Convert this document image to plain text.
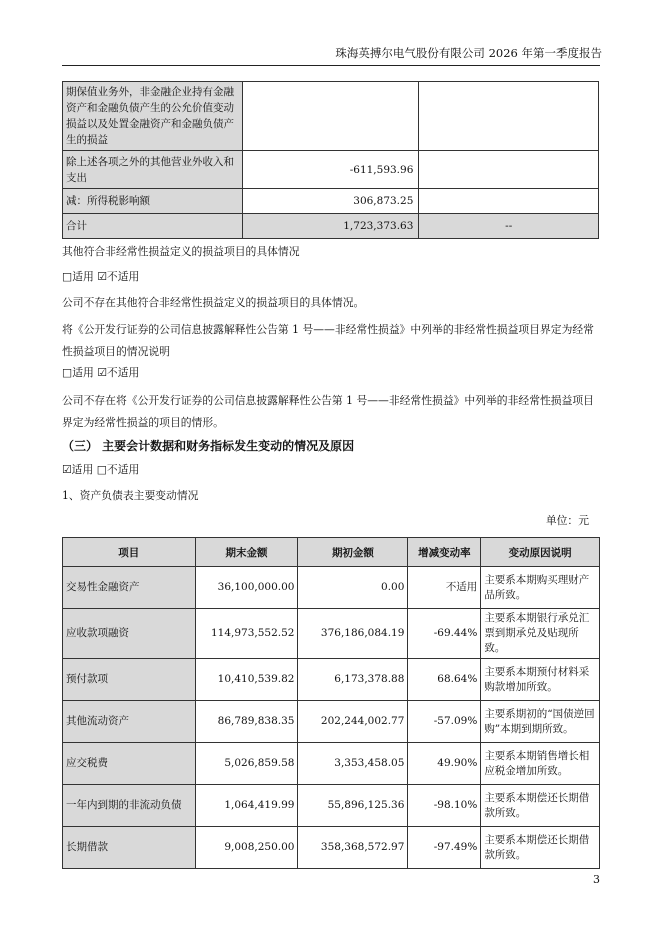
珠海英搏尔电气股份有限公司 2026 年第一季度报告
期保值业务外，非金融企业持有金融资产和金融负债产生的公允价值变动损益以及处置金融资产和金融负债产生的损益		
除上述各项之外的其他营业外收入和支出	-611,593.96	
减：所得税影响额	306,873.25	
合计	1,723,373.63	--
其他符合非经常性损益定义的损益项目的具体情况
□适用 ☑不适用
公司不存在其他符合非经常性损益定义的损益项目的具体情况。
将《公开发行证券的公司信息披露解释性公告第 1 号——非经常性损益》中列举的非经常性损益项目界定为经常性损益项目的情况说明
□适用 ☑不适用
公司不存在将《公开发行证券的公司信息披露解释性公告第 1 号——非经常性损益》中列举的非经常性损益项目界定为经常性损益的项目的情形。
（三） 主要会计数据和财务指标发生变动的情况及原因
☑适用 □不适用
1、资产负债表主要变动情况
单位：元
项目	期末金额	期初金额	增减变动率	变动原因说明
交易性金融资产	36,100,000.00	0.00	不适用	主要系本期购买理财产品所致。
应收款项融资	114,973,552.52	376,186,084.19	-69.44%	主要系本期银行承兑汇票到期承兑及贴现所致。
预付款项	10,410,539.82	6,173,378.88	68.64%	主要系本期预付材料采购款增加所致。
其他流动资产	86,789,838.35	202,244,002.77	-57.09%	主要系期初的“国债逆回购”本期到期所致。
应交税费	5,026,859.58	3,353,458.05	49.90%	主要系本期销售增长相应税金增加所致。
一年内到期的非流动负债	1,064,419.99	55,896,125.36	-98.10%	主要系本期偿还长期借款所致。
长期借款	9,008,250.00	358,368,572.97	-97.49%	主要系本期偿还长期借款所致。
3
